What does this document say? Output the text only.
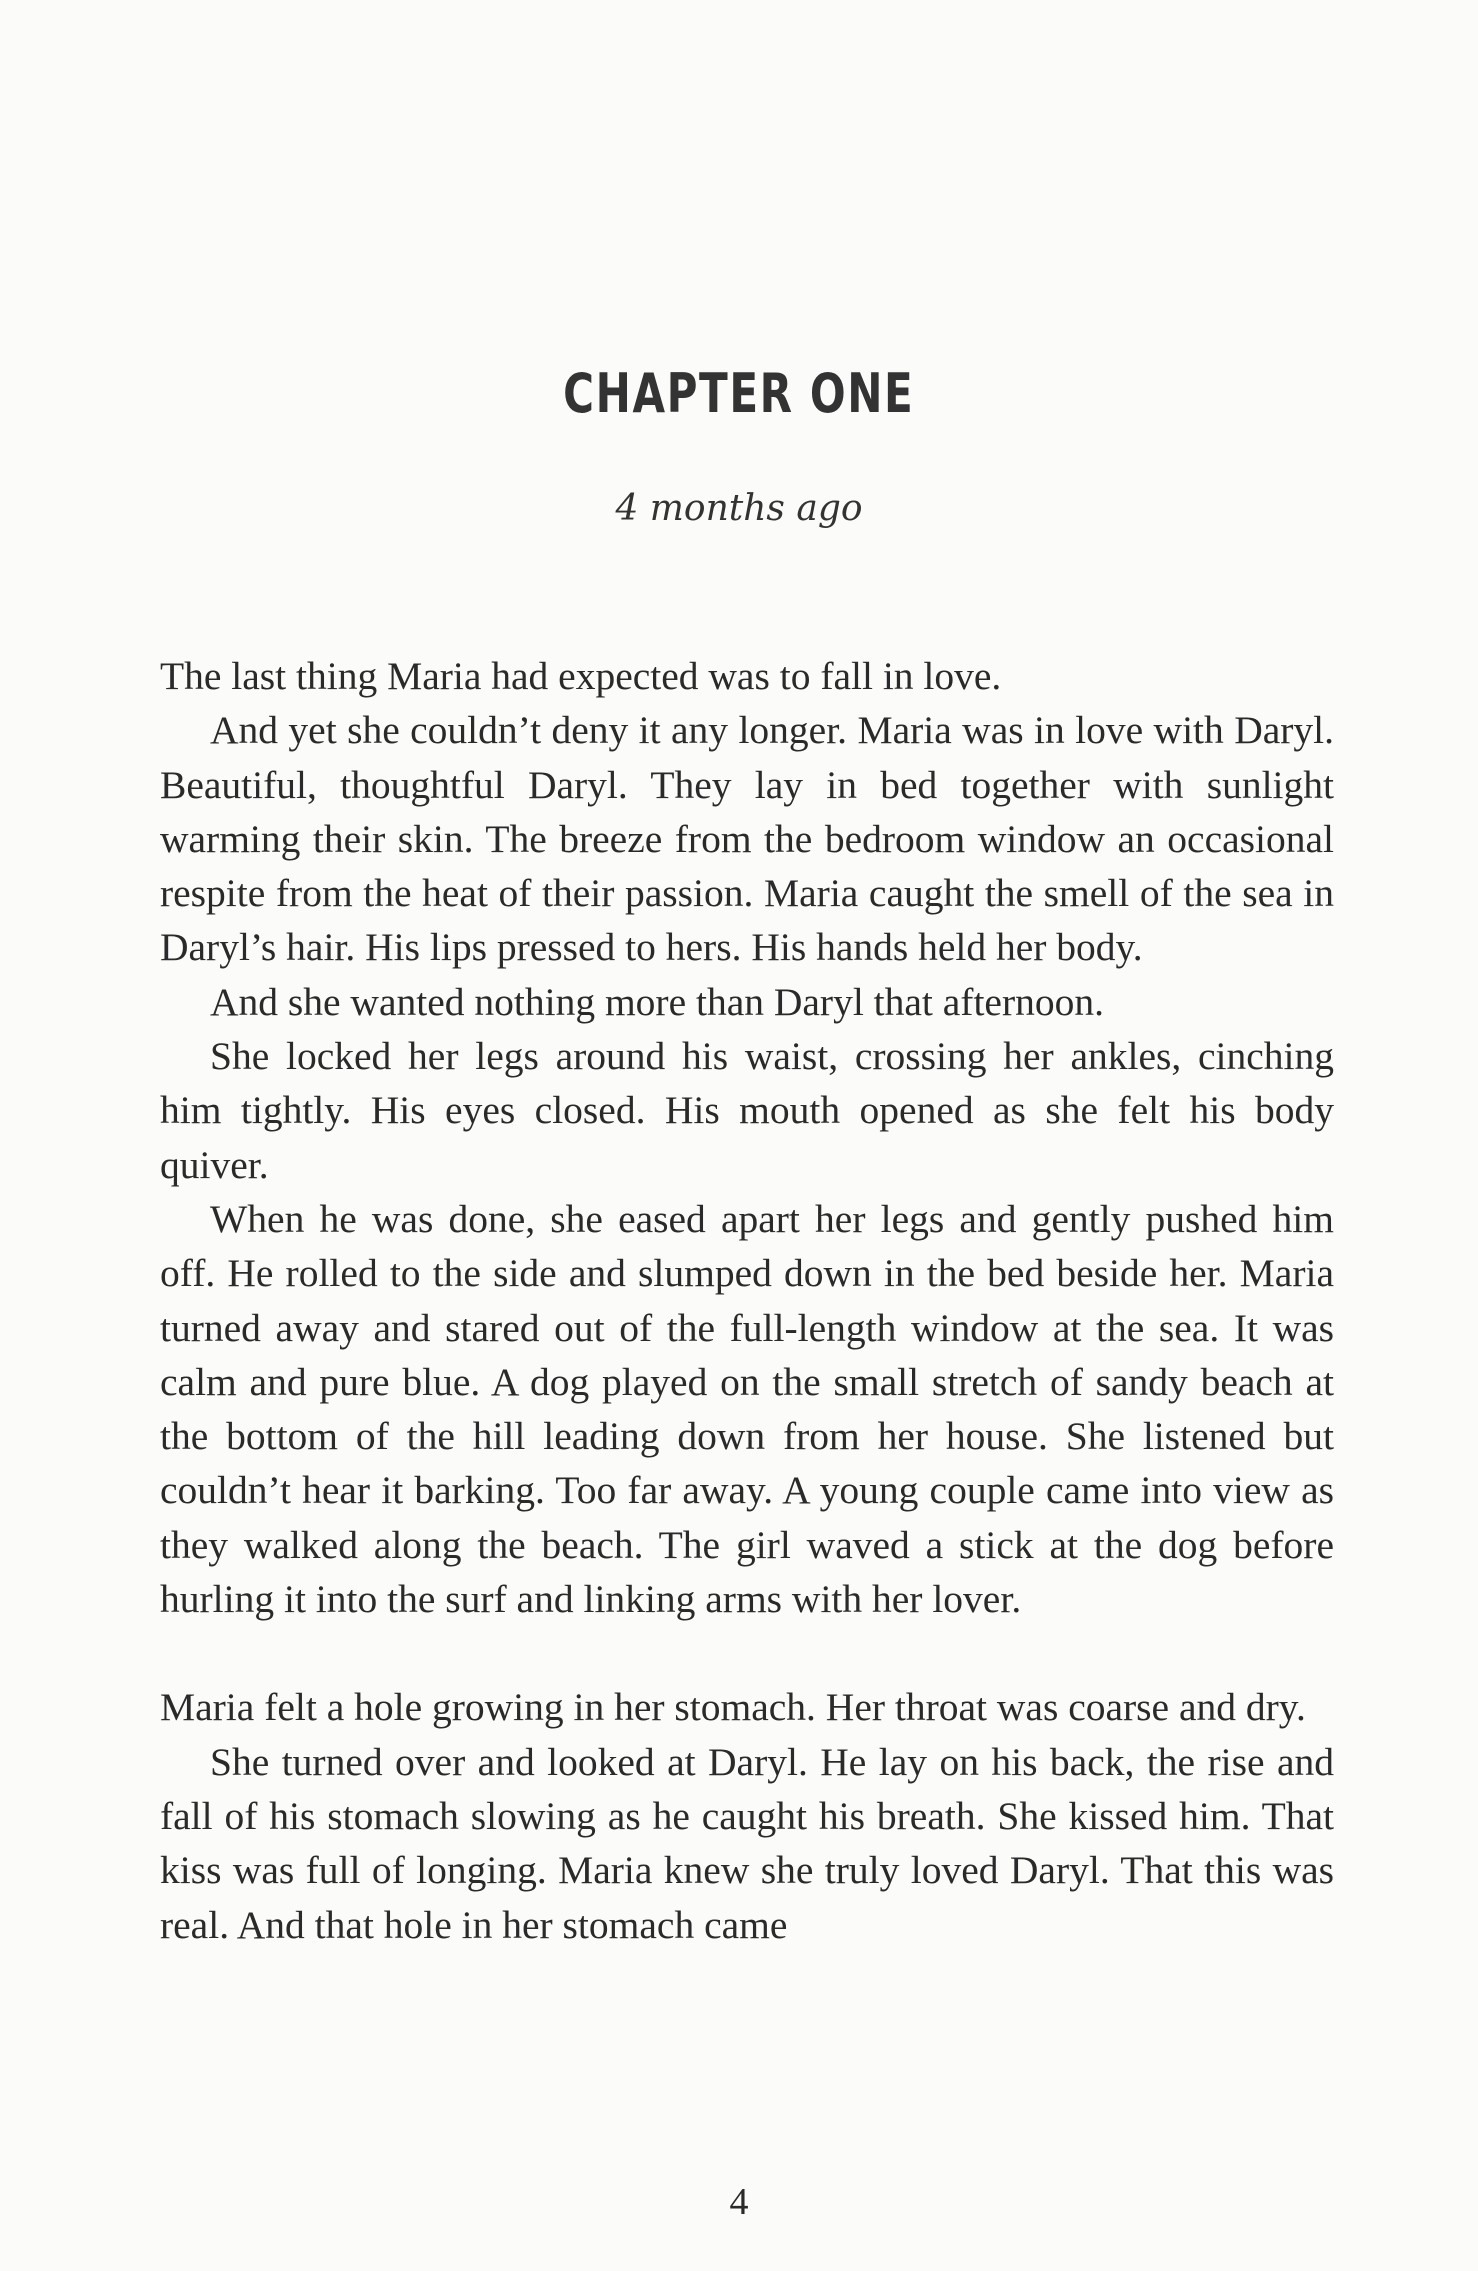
CHAPTER ONE
4 months ago

The last thing Maria had expected was to fall in love.

And yet she couldn’t deny it any longer. Maria was in love with Daryl. Beautiful, thoughtful Daryl. They lay in bed together with sunlight warming their skin. The breeze from the bedroom window an occasional respite from the heat of their passion. Maria caught the smell of the sea in Daryl’s hair. His lips pressed to hers. His hands held her body.

And she wanted nothing more than Daryl that afternoon.

She locked her legs around his waist, crossing her ankles, cinching him tightly. His eyes closed. His mouth opened as she felt his body quiver.

When he was done, she eased apart her legs and gently pushed him off. He rolled to the side and slumped down in the bed beside her. Maria turned away and stared out of the full-length window at the sea. It was calm and pure blue. A dog played on the small stretch of sandy beach at the bottom of the hill leading down from her house. She listened but couldn’t hear it barking. Too far away. A young couple came into view as they walked along the beach. The girl waved a stick at the dog before hurling it into the surf and linking arms with her lover.

Maria felt a hole growing in her stomach. Her throat was coarse and dry.

She turned over and looked at Daryl. He lay on his back, the rise and fall of his stomach slowing as he caught his breath. She kissed him. That kiss was full of longing. Maria knew she truly loved Daryl. That this was real. And that hole in her stomach came

4
